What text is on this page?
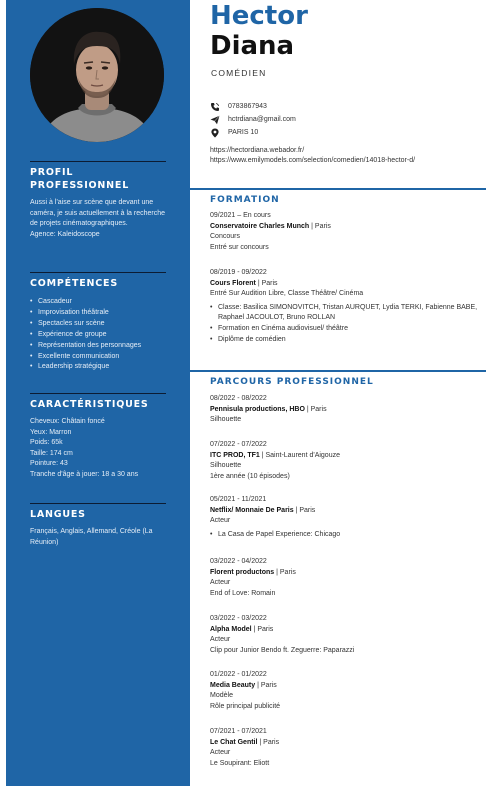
PROFIL
PROFESSIONNEL
Aussi à l'aise sur scène que devant une caméra, je suis actuellement à la recherche de projets cinématographiques.
Agence: Kaleidoscope
COMPÉTENCES
• Cascadeur
• Improvisation théâtrale
• Spectacles sur scène
• Expérience de groupe
• Représentation des personnages
• Excellente communication
• Leadership stratégique
CARACTÉRISTIQUES
Cheveux: Châtain foncé
Yeux: Marron
Poids: 65k
Taille: 174 cm
Pointure: 43
Tranche d'âge à jouer: 18 a 30 ans
LANGUES
Français, Anglais, Allemand, Créole (La Réunion)
Hector
Diana
COMÉDIEN
0783867943
hctrdiana@gmail.com
PARIS 10
https://hectordiana.webador.fr/
https://www.emilymodels.com/selection/comedien/14018-hector-d/
FORMATION
09/2021 – En cours
Conservatoire Charles Munch | Paris
Concours
Entré sur concours
08/2019 - 09/2022
Cours Florent | Paris
Entré Sur Audition Libre, Classe Théâtre/ Cinéma
• Classe: Basilica SIMONOVITCH, Tristan AURQUET, Lydia TERKI, Fabienne BABE, Raphael JACOULOT, Bruno ROLLAN
• Formation en Cinéma audiovisuel/ théâtre
• Diplôme de comédien
PARCOURS PROFESSIONNEL
08/2022 - 08/2022
Pennisula productions, HBO | Paris
Silhouette
07/2022 - 07/2022
ITC PROD, TF1 | Saint-Laurent d'Aigouze
Silhouette
1ère année (10 épisodes)
05/2021 - 11/2021
Netflix/ Monnaie De Paris | Paris
Acteur
• La Casa de Papel Experience: Chicago
03/2022 - 04/2022
Florent productons | Paris
Acteur
End of Love: Romain
03/2022 - 03/2022
Alpha Model | Paris
Acteur
Clip pour Junior Bendo ft. Zeguerre: Paparazzi
01/2022 - 01/2022
Media Beauty | Paris
Modèle
Rôle principal publicité
07/2021 - 07/2021
Le Chat Gentil | Paris
Acteur
Le Soupirant: Eliott
